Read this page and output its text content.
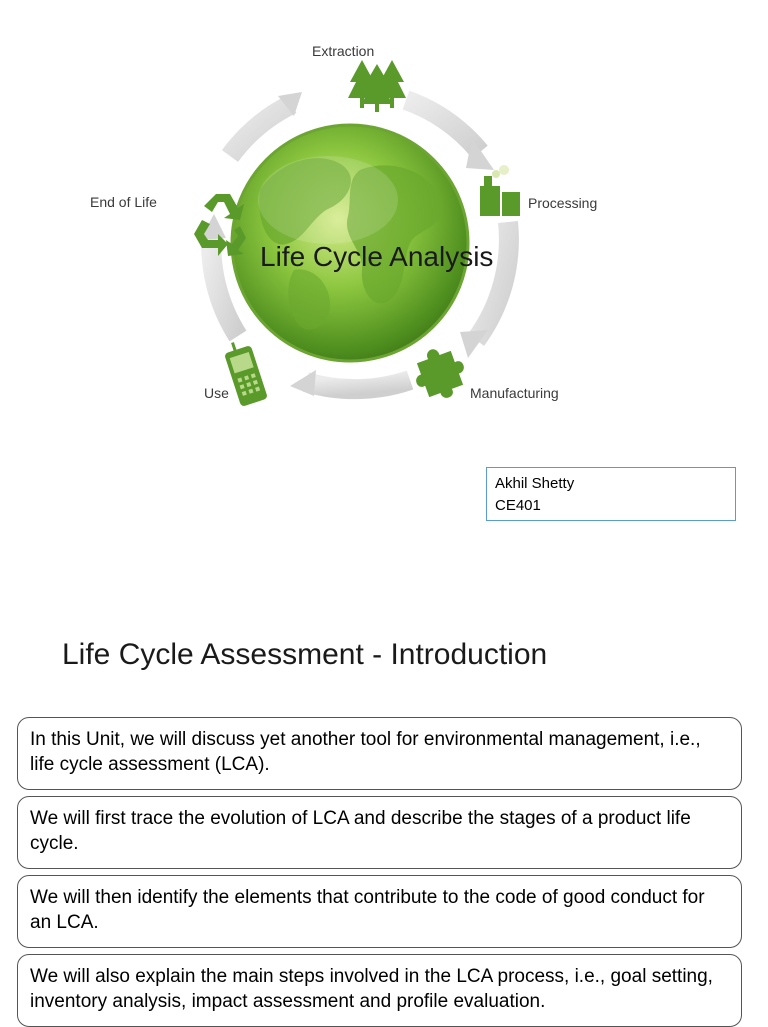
Extraction
Processing
Manufacturing
Use
End of Life
Life Cycle Analysis
Akhil Shetty
CE401
Life Cycle Assessment - Introduction
In this Unit, we will discuss yet another tool for environmental management, i.e., life cycle assessment (LCA).
We will first trace the evolution of LCA and describe the stages of a product life cycle.
We will then identify the elements that contribute to the code of good conduct for an LCA.
We will also explain the main steps involved in the LCA process, i.e., goal setting, inventory analysis, impact assessment and profile evaluation.
